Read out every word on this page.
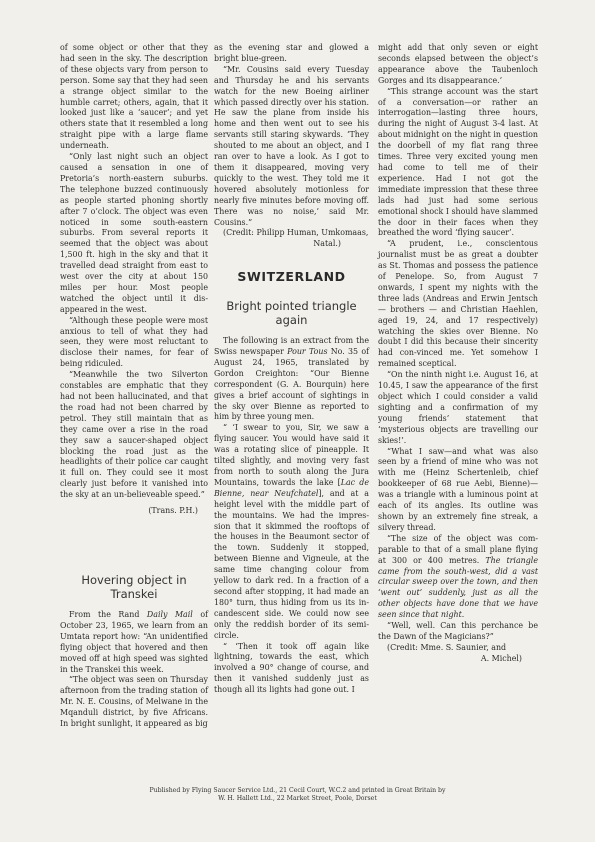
of some object or other that they had seen in the sky. The description of these objects vary from person to person. Some say that they had seen a strange object similar to the humble carret; others, again, that it looked just like a ‘saucer’; and yet others state that it resembled a long straight pipe with a large flame underneath.

“Only last night such an object caused a sensation in one of Pretoria’s north-eastern suburbs. The telephone buzzed continuously as people started phoning shortly after 7 o’clock. The object was even noticed in some south-eastern suburbs. From several reports it seemed that the object was about 1,500 ft. high in the sky and that it travelled dead straight from east to west over the city at about 150 miles per hour. Most people watched the object until it dis-appeared in the west.

“Although these people were most anxious to tell of what they had seen, they were most reluctant to disclose their names, for fear of being ridiculed.

“Meanwhile the two Silverton constables are emphatic that they had not been hallucinated, and that the road had not been charred by petrol. They still maintain that as they came over a rise in the road they saw a saucer-shaped object blocking the road just as the headlights of their police car caught it full on. They could see it most clearly just before it vanished into the sky at an un-believeable speed.”

(Trans. P.H.)

Hovering object in
Transkei

From the Rand Daily Mail of October 23, 1965, we learn from an Umtata report how: “An unidentified flying object that hovered and then moved off at high speed was sighted in the Transkei this week.

“The object was seen on Thursday afternoon from the trading station of Mr. N. E. Cousins, of Melwane in the Mqanduli district, by five Africans. In bright sunlight, it appeared as big

as the evening star and glowed a bright blue-green.

“Mr. Cousins said every Tuesday and Thursday he and his servants watch for the new Boeing airliner which passed directly over his station. He saw the plane from inside his home and then went out to see his servants still staring skywards. ‘They shouted to me about an object, and I ran over to have a look. As I got to them it disappeared, moving very quickly to the west. They told me it hovered absolutely motionless for nearly five minutes before moving off. There was no noise,’ said Mr. Cousins.”

(Credit: Philipp Human, Umkomaas,

Natal.)

SWITZERLAND
Bright pointed triangle again

The following is an extract from the Swiss newspaper Pour Tous No. 35 of August 24, 1965, translated by Gordon Creighton: “Our Bienne correspondent (G. A. Bourquin) here gives a brief account of sightings in the sky over Bienne as reported to him by three young men.

“ ‘I swear to you, Sir, we saw a flying saucer. You would have said it was a rotating slice of pineapple. It tilted slightly, and moving very fast from north to south along the Jura Mountains, towards the lake [Lac de Bienne, near Neufchatel], and at a height level with the middle part of the mountains. We had the impres-sion that it skimmed the rooftops of the houses in the Beaumont sector of the town. Suddenly it stopped, between Bienne and Vigneule, at the same time changing colour from yellow to dark red. In a fraction of a second after stopping, it had made an 180° turn, thus hiding from us its in-candescent side. We could now see only the reddish border of its semi-circle.

“ ‘Then it took off again like lightning, towards the east, which involved a 90° change of course, and then it vanished suddenly just as though all its lights had gone out. I

might add that only seven or eight seconds elapsed between the object’s appearance above the Taubenloch Gorges and its disappearance.’

“This strange account was the start of a conversation—or rather an interrogation—lasting three hours, during the night of August 3-4 last. At about midnight on the night in question the doorbell of my flat rang three times. Three very excited young men had come to tell me of their experience. Had I not got the immediate impression that these three lads had just had some serious emotional shock I should have slammed the door in their faces when they breathed the word ‘flying saucer’.

“A prudent, i.e., conscientous journalist must be as great a doubter as St. Thomas and possess the patience of Penelope. So, from August 7 onwards, I spent my nights with the three lads (Andreas and Erwin Jentsch — brothers — and Christian Haehlen, aged 19, 24, and 17 respectively) watching the skies over Bienne. No doubt I did this because their sincerity had con-vinced me. Yet somehow I remained sceptical.

“On the ninth night i.e. August 16, at 10.45, I saw the appearance of the first object which I could consider a valid sighting and a confirmation of my young friends’ statement that ‘mysterious objects are travelling our skies!’.

“What I saw—and what was also seen by a friend of mine who was not with me (Heinz Schertenleib, chief bookkeeper of 68 rue Aebi, Bienne)—was a triangle with a luminous point at each of its angles. Its outline was shown by an extremely fine streak, a silvery thread.

“The size of the object was com-parable to that of a small plane flying at 300 or 400 metres. The triangle came from the south-west, did a vast circular sweep over the town, and then ‘went out’ suddenly, just as all the other objects have done that we have seen since that night.

“Well, well. Can this perchance be the Dawn of the Magicians?”

(Credit: Mme. S. Saunier, and

A. Michel)

Published by Flying Saucer Service Ltd., 21 Cecil Court, W.C.2 and printed in Great Britain by
W. H. Hallett Ltd., 22 Market Street, Poole, Dorset
